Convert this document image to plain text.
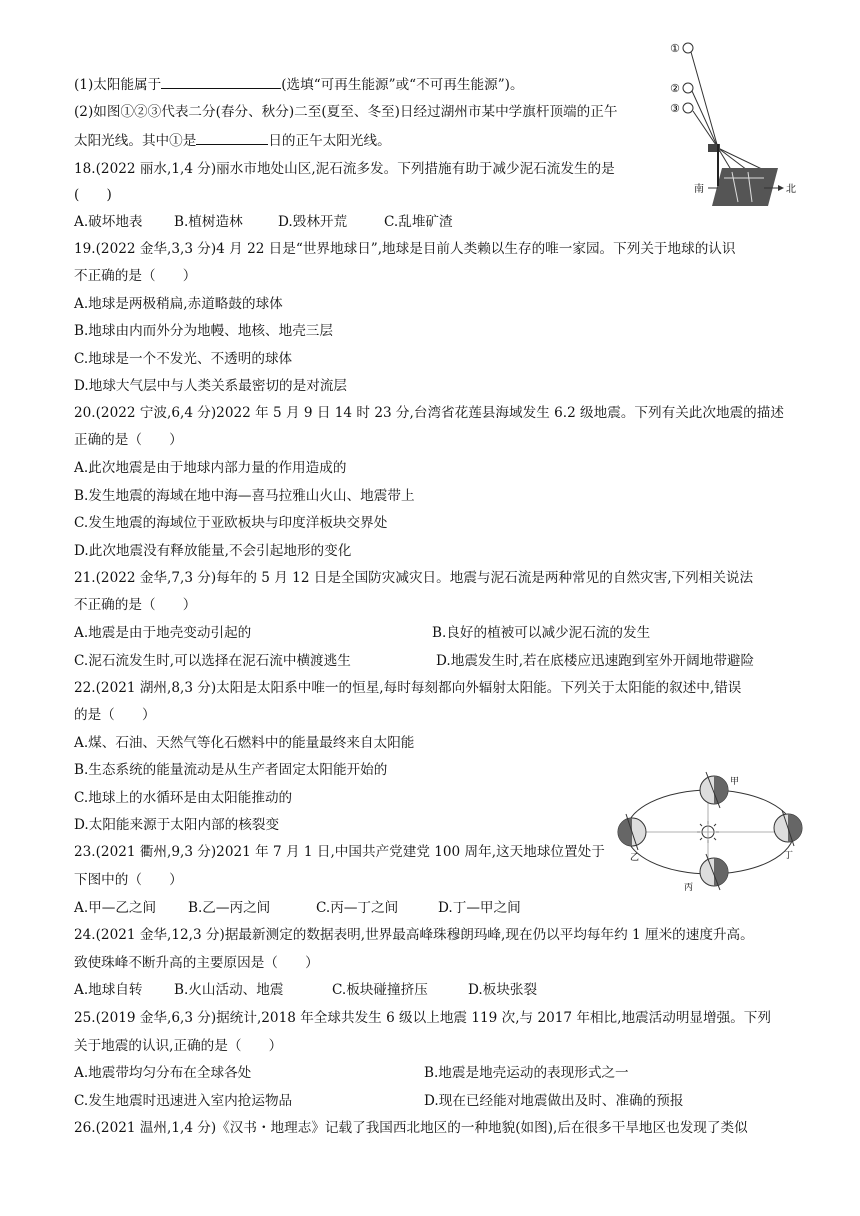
(1)太阳能属于	(选填“可再生能源”或“不可再生能源”)。
(2)如图①②③代表二分(春分、秋分)二至(夏至、冬至)日经过湖州市某中学旗杆顶端的正午
太阳光线。其中①是	日的正午太阳光线。
①
②
③
南	北
18.(2022 丽水,1,4 分)丽水市地处山区,泥石流多发。下列措施有助于减少泥石流发生的是
(　　)
A.破坏地表 B.植树造林	D.毁林开荒	C.乱堆矿渣
19.(2022 金华,3,3 分)4 月 22 日是“世界地球日”,地球是目前人类赖以生存的唯一家园。下列关于地球的认识
不正确的是（　　）
A.地球是两极稍扁,赤道略鼓的球体
B.地球由内而外分为地幔、地核、地壳三层
C.地球是一个不发光、不透明的球体
D.地球大气层中与人类关系最密切的是对流层
20.(2022 宁波,6,4 分)2022 年 5 月 9 日 14 时 23 分,台湾省花莲县海域发生 6.2 级地震。下列有关此次地震的描述
正确的是（　　）
A.此次地震是由于地球内部力量的作用造成的
B.发生地震的海域在地中海—喜马拉雅山火山、地震带上
C.发生地震的海域位于亚欧板块与印度洋板块交界处
D.此次地震没有释放能量,不会引起地形的变化
21.(2022 金华,7,3 分)每年的 5 月 12 日是全国防灾减灾日。地震与泥石流是两种常见的自然灾害,下列相关说法
不正确的是（　　）
A.地震是由于地壳变动引起的	B.良好的植被可以减少泥石流的发生
C.泥石流发生时,可以选择在泥石流中横渡逃生	D.地震发生时,若在底楼应迅速跑到室外开阔地带避险
22.(2021 湖州,8,3 分)太阳是太阳系中唯一的恒星,每时每刻都向外辐射太阳能。下列关于太阳能的叙述中,错误
的是（　　）
A.煤、石油、天然气等化石燃料中的能量最终来自太阳能
B.生态系统的能量流动是从生产者固定太阳能开始的
C.地球上的水循环是由太阳能推动的
D.太阳能来源于太阳内部的核裂变
甲
乙
丙
丁
23.(2021 衢州,9,3 分)2021 年 7 月 1 日,中国共产党建党 100 周年,这天地球位置处于
下图中的（　　）
A.甲—乙之间 B.乙—丙之间	C.丙—丁之间	D.丁—甲之间
24.(2021 金华,12,3 分)据最新测定的数据表明,世界最高峰珠穆朗玛峰,现在仍以平均每年约 1 厘米的速度升高。
致使珠峰不断升高的主要原因是（　　）
A.地球自转 B.火山活动、地震	C.板块碰撞挤压	D.板块张裂
25.(2019 金华,6,3 分)据统计,2018 年全球共发生 6 级以上地震 119 次,与 2017 年相比,地震活动明显增强。下列
关于地震的认识,正确的是（　　）
A.地震带均匀分布在全球各处	B.地震是地壳运动的表现形式之一
C.发生地震时迅速进入室内抢运物品	D.现在已经能对地震做出及时、准确的预报
26.(2021 温州,1,4 分)《汉书・地理志》记载了我国西北地区的一种地貌(如图),后在很多干旱地区也发现了类似
